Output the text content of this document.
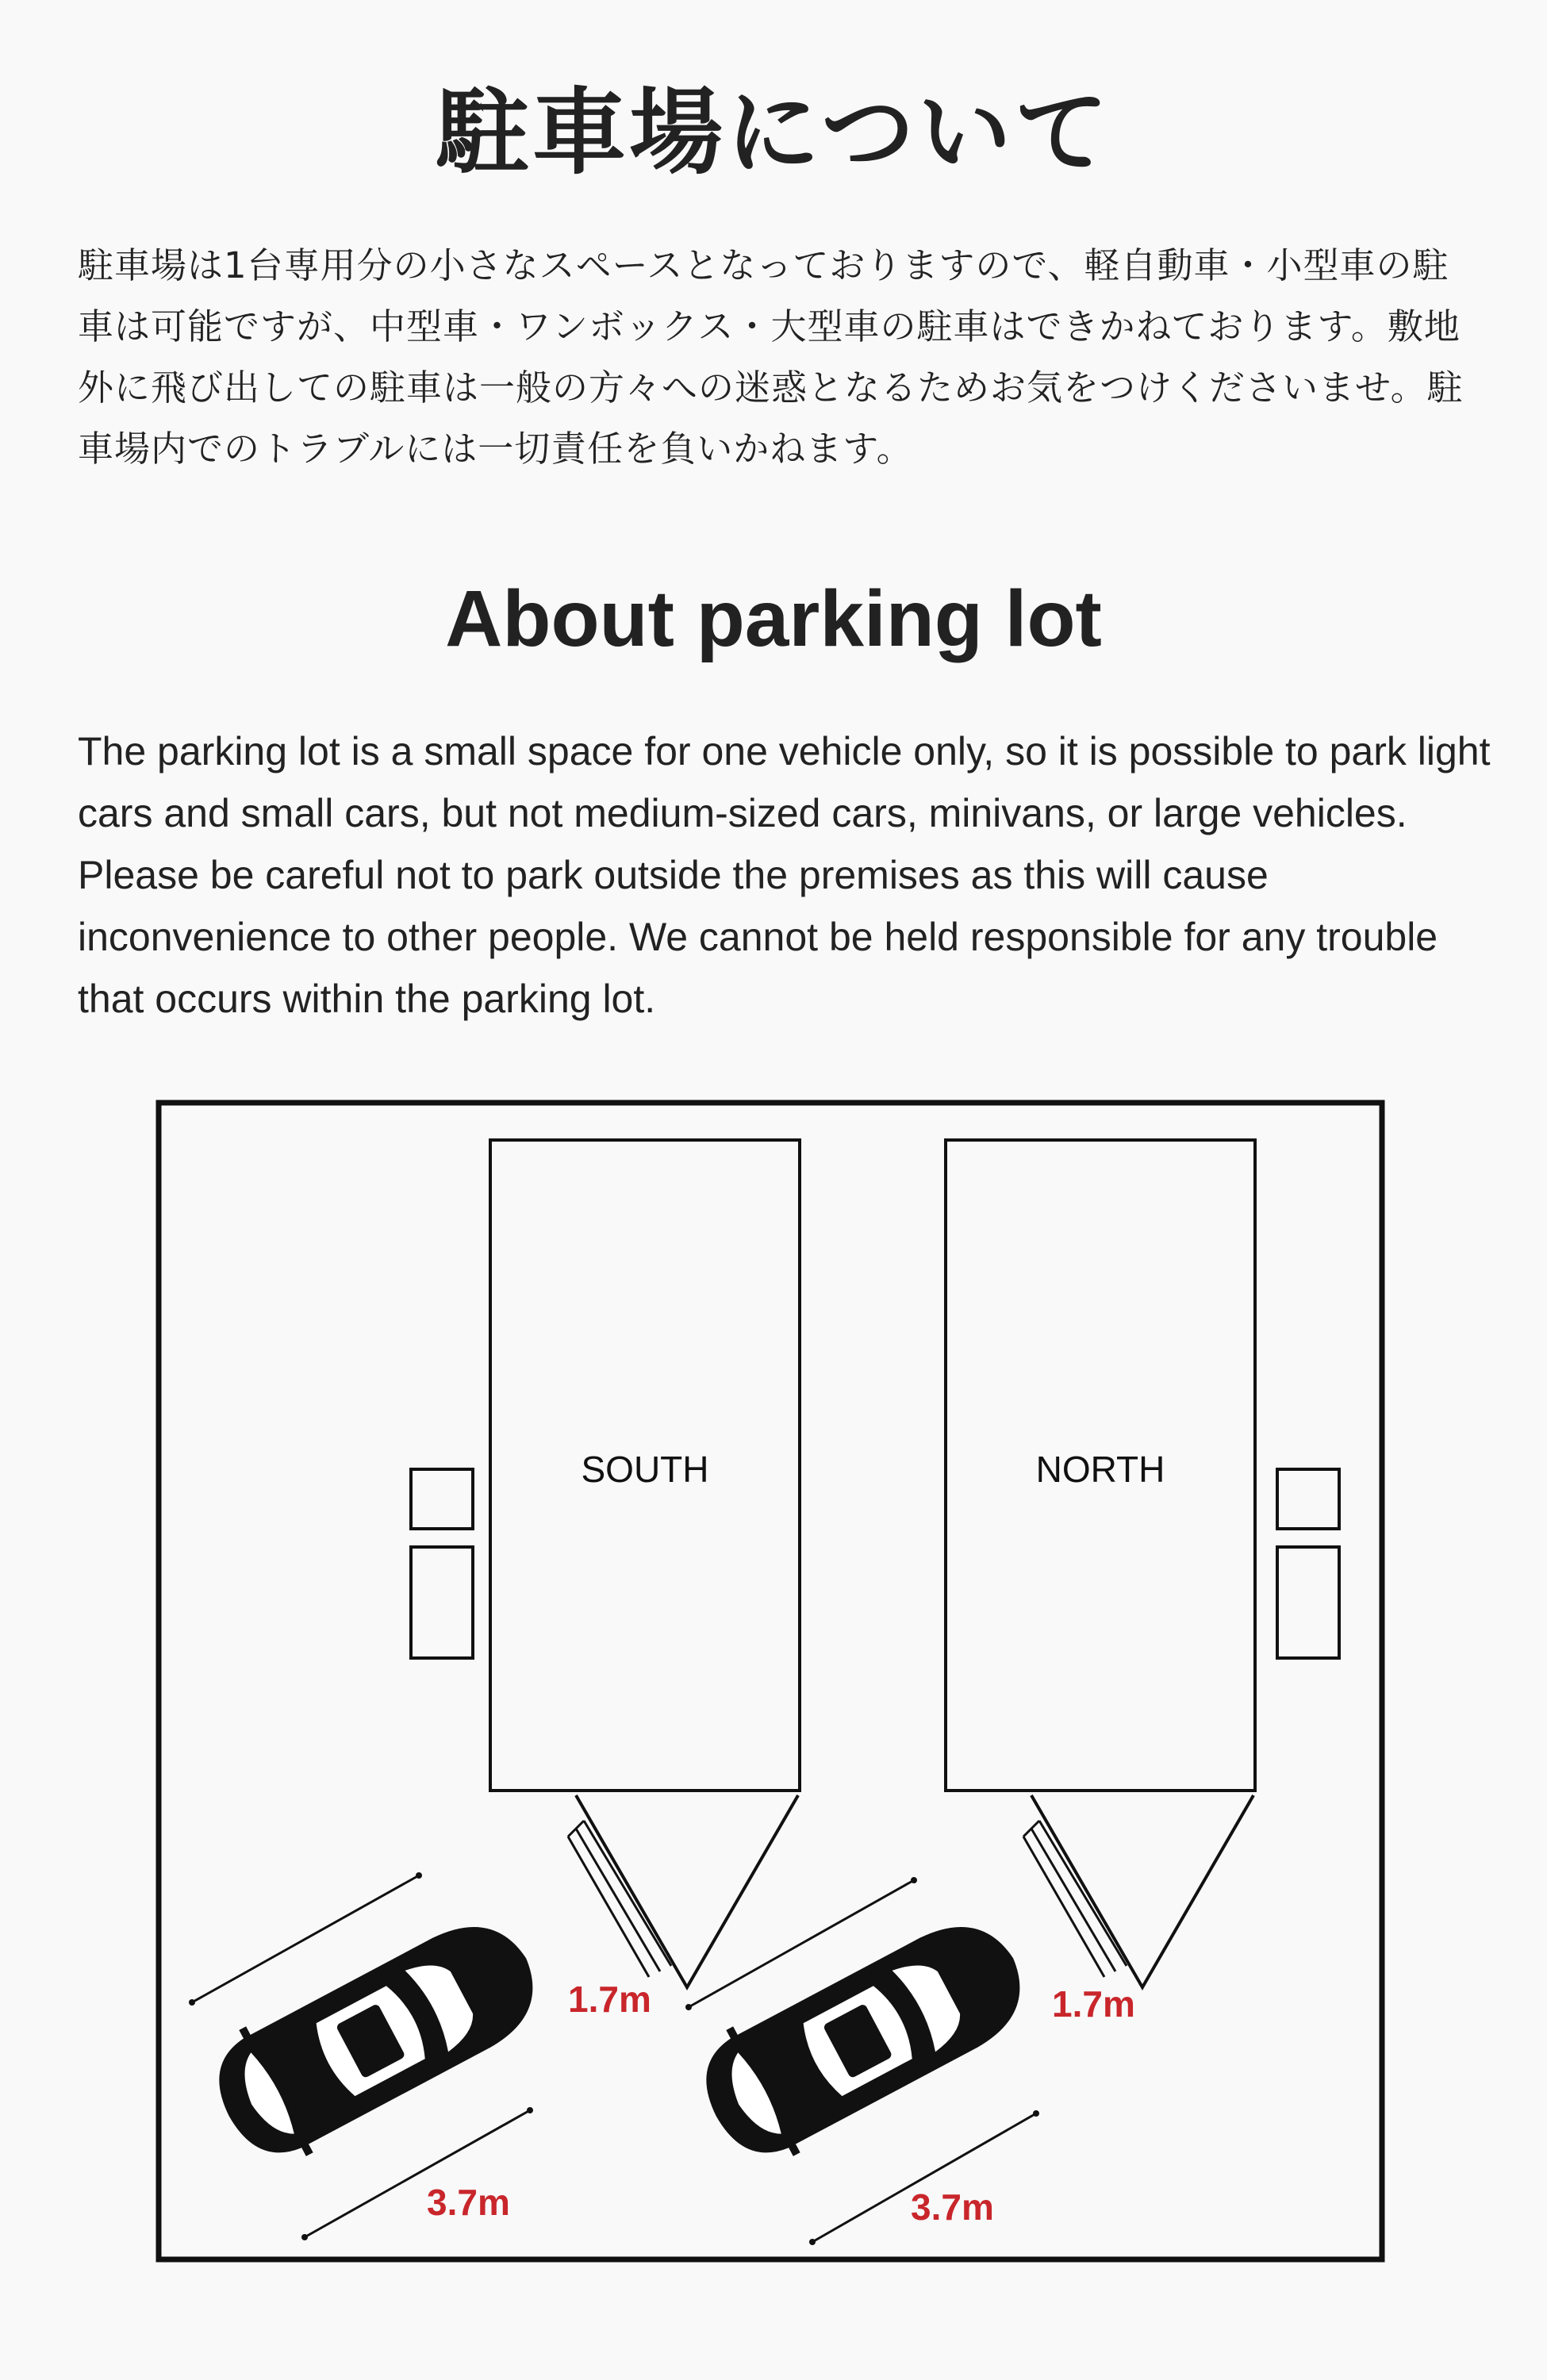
駐車場について

駐車場は1台専用分の小さなスペースとなっておりますので、軽自動車・小型車の駐車は可能ですが、中型車・ワンボックス・大型車の駐車はできかねております。敷地外に飛び出しての駐車は一般の方々への迷惑となるためお気をつけくださいませ。駐車場内でのトラブルには一切責任を負いかねます。

About parking lot

The parking lot is a small space for one vehicle only, so it is possible to park light cars and small cars, but not medium-sized cars, minivans, or large vehicles. Please be careful not to park outside the premises as this will cause inconvenience to other people. We cannot be held responsible for any trouble that occurs within the parking lot.

SOUTH	NORTH
1.7m
3.7m
1.7m
3.7m
